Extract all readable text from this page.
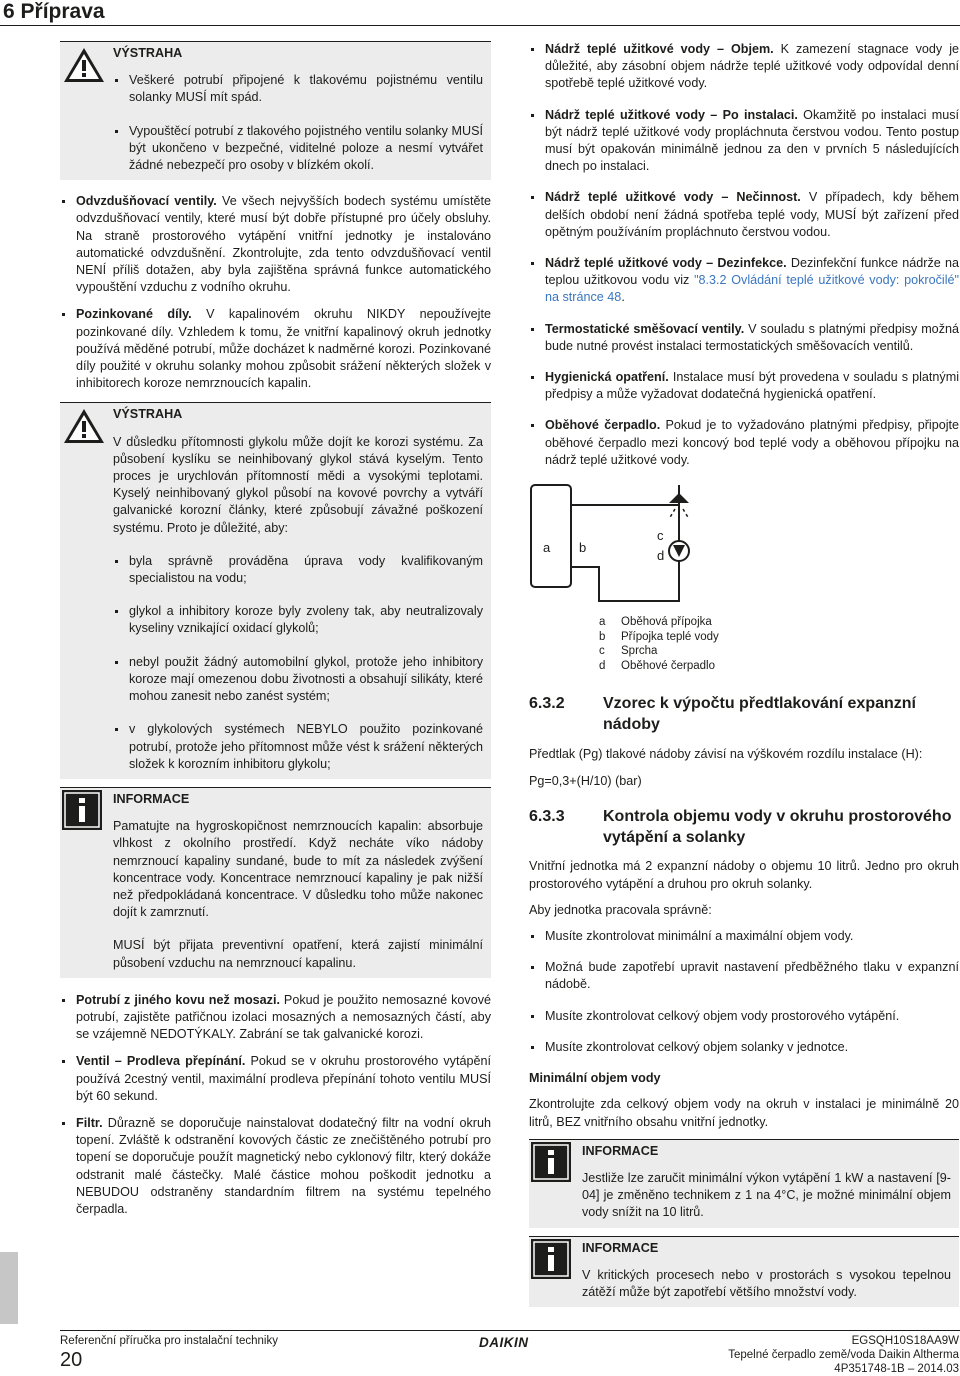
6 Příprava
VÝSTRAHA
Veškeré potrubí připojené k tlakovému pojistnému ventilu solanky MUSÍ mít spád.
Vypouštěcí potrubí z tlakového pojistného ventilu solanky MUSÍ být ukončeno v bezpečné, viditelné poloze a nesmí vytvářet žádné nebezpečí pro osoby v blízkém okolí.
Odvzdušňovací ventily. Ve všech nejvyšších bodech systému umístěte odvzdušňovací ventily, které musí být dobře přístupné pro účely obsluhy. Na straně prostorového vytápění vnitřní jednotky je instalováno automatické odvzdušnění. Zkontrolujte, zda tento odvzdušňovací ventil NENÍ příliš dotažen, aby byla zajištěna správná funkce automatického vypouštění vzduchu z vodního okruhu.
Pozinkované díly. V kapalinovém okruhu NIKDY nepoužívejte pozinkované díly. Vzhledem k tomu, že vnitřní kapalinový okruh jednotky používá měděné potrubí, může docházet k nadměrné korozi. Pozinkované díly použité v okruhu solanky mohou způsobit srážení některých složek v inhibitorech koroze nemrznoucích kapalin.
VÝSTRAHA

V důsledku přítomnosti glykolu může dojít ke korozi systému. Za působení kyslíku se neinhibovaný glykol stává kyselým. Tento proces je urychlován přítomností mědi a vysokými teplotami. Kyselý neinhibovaný glykol působí na kovové povrchy a vytváří galvanické korozní články, které způsobují závažné poškození systému. Proto je důležité, aby:

byla správně prováděna úprava vody kvalifikovaným specialistou na vodu;
glykol a inhibitory koroze byly zvoleny tak, aby neutralizovaly kyseliny vznikající oxidací glykolů;
nebyl použit žádný automobilní glykol, protože jeho inhibitory koroze mají omezenou dobu životnosti a obsahují silikáty, které mohou zanesit nebo zanést systém;
v glykolových systémech NEBYLO použito pozinkované potrubí, protože jeho přítomnost může vést k srážení některých složek k korozním inhibitoru glykolu;
INFORMACE

Pamatujte na hygroskopičnost nemrznoucích kapalin: absorbuje vlhkost z okolního prostředí. Když necháte víko nádoby nemrznoucí kapaliny sundané, bude to mít za následek zvýšení koncentrace vody. Koncentrace nemrznoucí kapaliny je pak nižší než předpokládaná koncentrace. V důsledku toho může nakonec dojít k zamrznutí.

MUSÍ být přijata preventivní opatření, která zajistí minimální působení vzduchu na nemrznoucí kapalinu.

Potrubí z jiného kovu než mosazi. Pokud je použito nemosazné kovové potrubí, zajistěte patřičnou izolaci mosazných a nemosazných částí, aby se vzájemně NEDOTÝKALY. Zabrání se tak galvanické korozi.
Ventil – Prodleva přepínání. Pokud se v okruhu prostorového vytápění používá 2cestný ventil, maximální prodleva přepínání tohoto ventilu MUSÍ být 60 sekund.
Filtr. Důrazně se doporučuje nainstalovat dodatečný filtr na vodní okruh topení. Zvláště k odstranění kovových částic ze znečištěného potrubí pro topení se doporučuje použít magnetický nebo cyklonový filtr, který dokáže odstranit malé částečky. Malé částice mohou poškodit jednotku a NEBUDOU odstraněny standardním filtrem na systému tepelného čerpadla.
Nádrž teplé užitkové vody – Objem. K zamezení stagnace vody je důležité, aby zásobní objem nádrže teplé užitkové vody odpovídal denní spotřebě teplé užitkové vody.
Nádrž teplé užitkové vody – Po instalaci. Okamžitě po instalaci musí být nádrž teplé užitkové vody propláchnuta čerstvou vodou. Tento postup musí být opakován minimálně jednou za den v prvních 5 následujících dnech po instalaci.
Nádrž teplé užitkové vody – Nečinnost. V případech, kdy během delších období není žádná spotřeba teplé vody, MUSÍ být zařízení před opětným používáním propláchnuto čerstvou vodou.
Nádrž teplé užitkové vody – Dezinfekce. Dezinfekční funkce nádrže na teplou užitkovou vodu viz "8.3.2 Ovládání teplé užitkové vody: pokročilé" na stránce 48.
Termostatické směšovací ventily. V souladu s platnými předpisy možná bude nutné provést instalaci termostatických směšovacích ventilů.
Hygienická opatření. Instalace musí být provedena v souladu s platnými předpisy a může vyžadovat dodatečná hygienická opatření.
Oběhové čerpadlo. Pokud je to vyžadováno platnými předpisy, připojte oběhové čerpadlo mezi koncový bod teplé vody a oběhovou přípojku na nádrž teplé užitkové vody.
a b
c
d
a	Oběhová přípojka
b	Přípojka teplé vody
c	Sprcha
d	Oběhové čerpadlo
6.3.2 Vzorec k výpočtu předtlakování expanzní nádoby

Předtlak (Pg) tlakové nádoby závisí na výškovém rozdílu instalace (H):

Pg=0,3+(H/10) (bar)

6.3.3 Kontrola objemu vody v okruhu prostorového vytápění a solanky

Vnitřní jednotka má 2 expanzní nádoby o objemu 10 litrů. Jedno pro okruh prostorového vytápění a druhou pro okruh solanky.

Aby jednotka pracovala správně:

Musíte zkontrolovat minimální a maximální objem vody.
Možná bude zapotřebí upravit nastavení předběžného tlaku v expanzní nádobě.
Musíte zkontrolovat celkový objem vody prostorového vytápění.
Musíte zkontrolovat celkový objem solanky v jednotce.

Minimální objem vody

Zkontrolujte zda celkový objem vody na okruh v instalaci je minimálně 20 litrů, BEZ vnitřního obsahu vnitřní jednotky.

INFORMACE

Jestliže lze zaručit minimální výkon vytápění 1 kW a nastavení [9-04] je změněno technikem z 1 na 4°C, je možné minimální objem vody snížit na 10 litrů.

INFORMACE

V kritických procesech nebo v prostorách s vysokou tepelnou zátěží může být zapotřebí většího množství vody.

Referenční příručka pro instalační techniky
20
DAIKIN	EGSQH10S18AA9W
Tepelné čerpadlo země/voda Daikin Altherma
4P351748-1B – 2014.03
